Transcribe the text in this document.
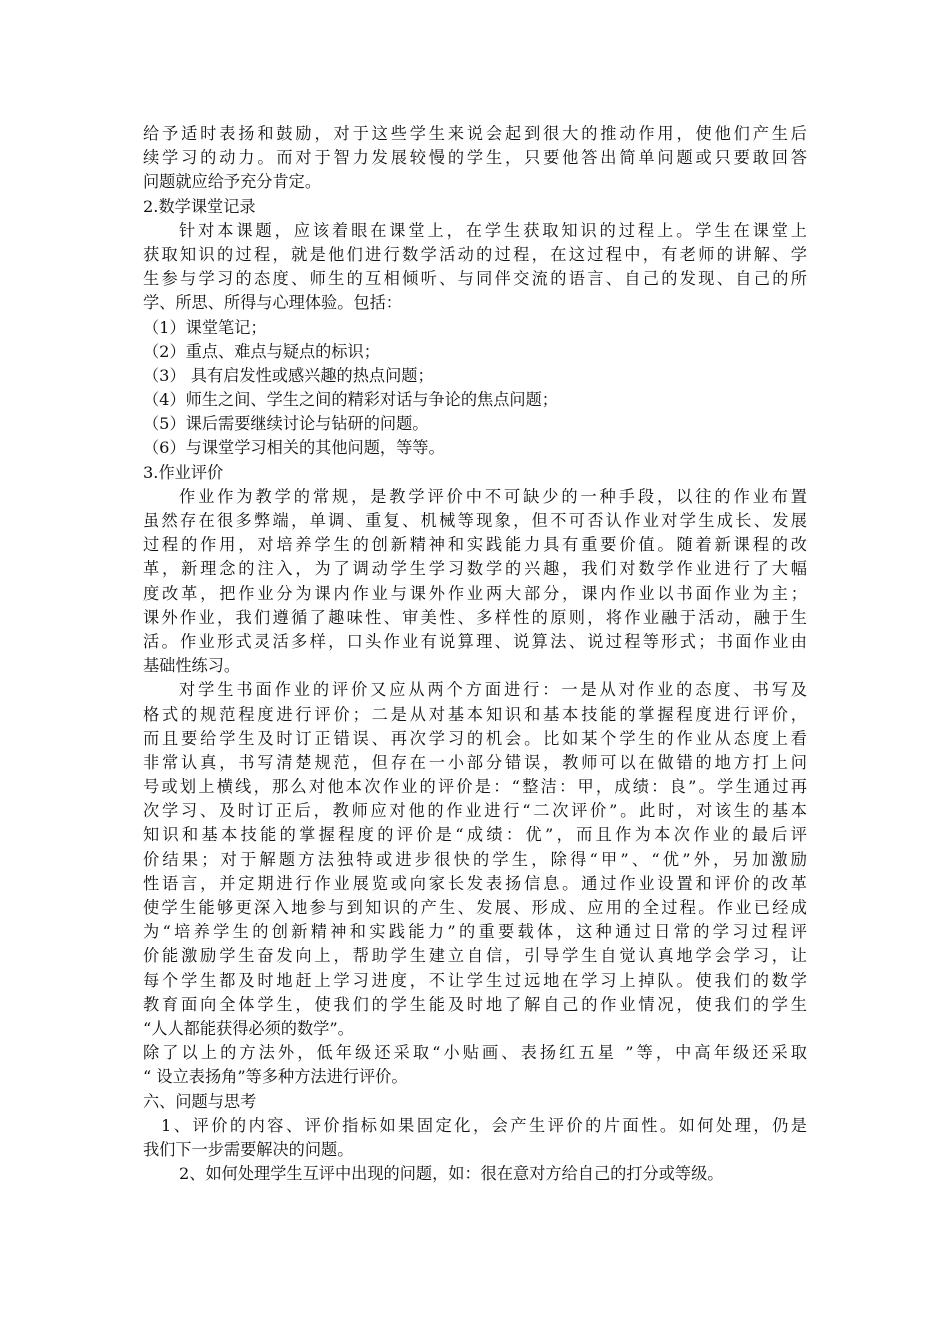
给予适时表扬和鼓励，对于这些学生来说会起到很大的推动作用，使他们产生后
续学习的动力。而对于智力发展较慢的学生，只要他答出简单问题或只要敢回答
问题就应给予充分肯定。
2.数学课堂记录
针对本课题，应该着眼在课堂上，在学生获取知识的过程上。学生在课堂上
获取知识的过程，就是他们进行数学活动的过程，在这过程中，有老师的讲解、学
生参与学习的态度、师生的互相倾听、与同伴交流的语言、自己的发现、自己的所
学、所思、所得与心理体验。包括：
（1）课堂笔记；
（2）重点、难点与疑点的标识；
（3） 具有启发性或感兴趣的热点问题；
（4）师生之间、学生之间的精彩对话与争论的焦点问题；
（5）课后需要继续讨论与钻研的问题。
（6）与课堂学习相关的其他问题，等等。
3.作业评价
作业作为教学的常规，是教学评价中不可缺少的一种手段，以往的作业布置
虽然存在很多弊端，单调、重复、机械等现象，但不可否认作业对学生成长、发展
过程的作用，对培养学生的创新精神和实践能力具有重要价值。随着新课程的改
革，新理念的注入，为了调动学生学习数学的兴趣，我们对数学作业进行了大幅
度改革，把作业分为课内作业与课外作业两大部分，课内作业以书面作业为主；
课外作业，我们遵循了趣味性、审美性、多样性的原则，将作业融于活动，融于生
活。作业形式灵活多样，口头作业有说算理、说算法、说过程等形式；书面作业由
基础性练习。
对学生书面作业的评价又应从两个方面进行：一是从对作业的态度、书写及
格式的规范程度进行评价；二是从对基本知识和基本技能的掌握程度进行评价，
而且要给学生及时订正错误、再次学习的机会。比如某个学生的作业从态度上看
非常认真，书写清楚规范，但存在一小部分错误，教师可以在做错的地方打上问
号或划上横线，那么对他本次作业的评价是：“整洁：甲，成绩：良”。学生通过再
次学习、及时订正后，教师应对他的作业进行“二次评价”。此时，对该生的基本
知识和基本技能的掌握程度的评价是“成绩：优”，而且作为本次作业的最后评
价结果；对于解题方法独特或进步很快的学生，除得“甲”、“优”外，另加激励
性语言，并定期进行作业展览或向家长发表扬信息。通过作业设置和评价的改革
使学生能够更深入地参与到知识的产生、发展、形成、应用的全过程。作业已经成
为“培养学生的创新精神和实践能力”的重要载体，这种通过日常的学习过程评
价能激励学生奋发向上，帮助学生建立自信，引导学生自觉认真地学会学习，让
每个学生都及时地赶上学习进度，不让学生过远地在学习上掉队。使我们的数学
教育面向全体学生，使我们的学生能及时地了解自己的作业情况，使我们的学生
“人人都能获得必须的数学”。
除了以上的方法外，低年级还采取“小贴画、表扬红五星 ”等，中高年级还采取
“ 设立表扬角”等多种方法进行评价。
六、问题与思考
1、评价的内容、评价指标如果固定化，会产生评价的片面性。如何处理，仍是
我们下一步需要解决的问题。
2、如何处理学生互评中出现的问题，如：很在意对方给自己的打分或等级。
